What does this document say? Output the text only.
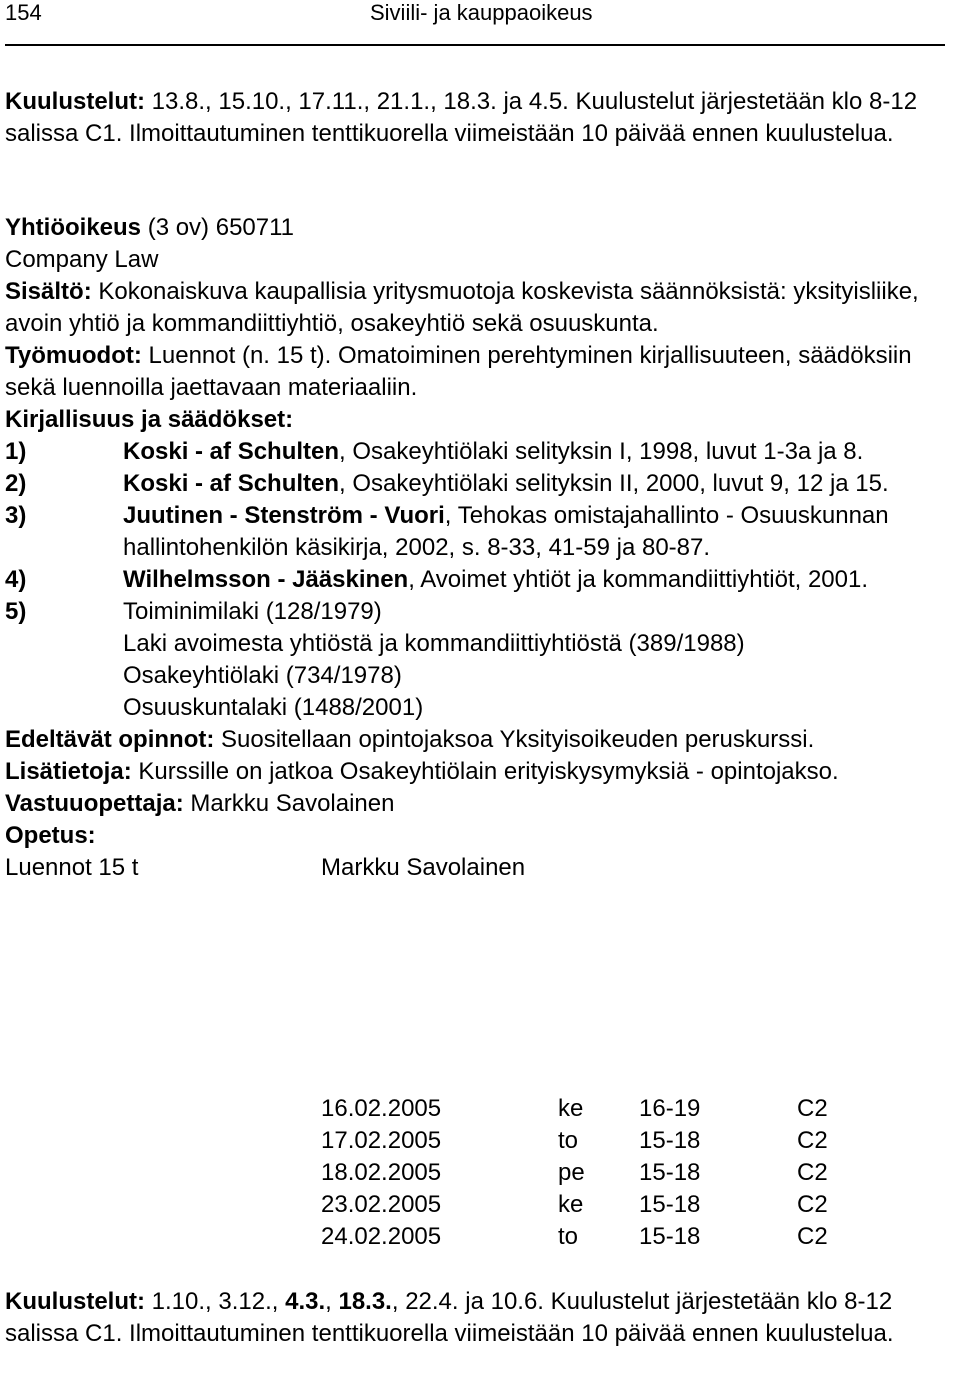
154	Siviili- ja kauppaoikeus

Kuulustelut: 13.8., 15.10., 17.11., 21.1., 18.3. ja 4.5. Kuulustelut järjestetään klo 8-12 salissa C1. Ilmoittautuminen tenttikuorella viimeistään 10 päivää ennen kuulustelua.

Yhtiöoikeus (3 ov) 650711

Company Law

Sisältö: Kokonaiskuva kaupallisia yritysmuotoja koskevista säännöksistä: yksityisliike, avoin yhtiö ja kommandiittiyhtiö, osakeyhtiö sekä osuuskunta.

Työmuodot: Luennot (n. 15 t). Omatoiminen perehtyminen kirjallisuuteen, säädöksiin sekä luennoilla jaettavaan materiaaliin.

Kirjallisuus ja säädökset:

1)	Koski - af Schulten, Osakeyhtiölaki selityksin I, 1998, luvut 1-3a ja 8.
2)	Koski - af Schulten, Osakeyhtiölaki selityksin II, 2000, luvut 9, 12 ja 15.
3)	Juutinen - Stenström - Vuori, Tehokas omistajahallinto - Osuuskunnan hallintohenkilön käsikirja, 2002, s. 8-33, 41-59 ja 80-87.
4)	Wilhelmsson - Jääskinen, Avoimet yhtiöt ja kommandiittiyhtiöt, 2001.
5)	Toiminimilaki (128/1979)
Laki avoimesta yhtiöstä ja kommandiittiyhtiöstä (389/1988)
Osakeyhtiölaki (734/1978)
Osuuskuntalaki (1488/2001)

Edeltävät opinnot: Suositellaan opintojaksoa Yksityisoikeuden peruskurssi.

Lisätietoja: Kurssille on jatkoa Osakeyhtiölain erityiskysymyksiä - opintojakso.

Vastuuopettaja: Markku Savolainen

Opetus:

Luennot 15 t	Markku Savolainen
16.02.2005	ke 16-19	C2
17.02.2005	to	15-18	C2
18.02.2005	pe 15-18	C2
23.02.2005	ke 15-18	C2
24.02.2005	to	15-18	C2

Kuulustelut: 1.10., 3.12., 4.3., 18.3., 22.4. ja 10.6. Kuulustelut järjestetään klo 8-12 salissa C1. Ilmoittautuminen tenttikuorella viimeistään 10 päivää ennen kuulustelua.
